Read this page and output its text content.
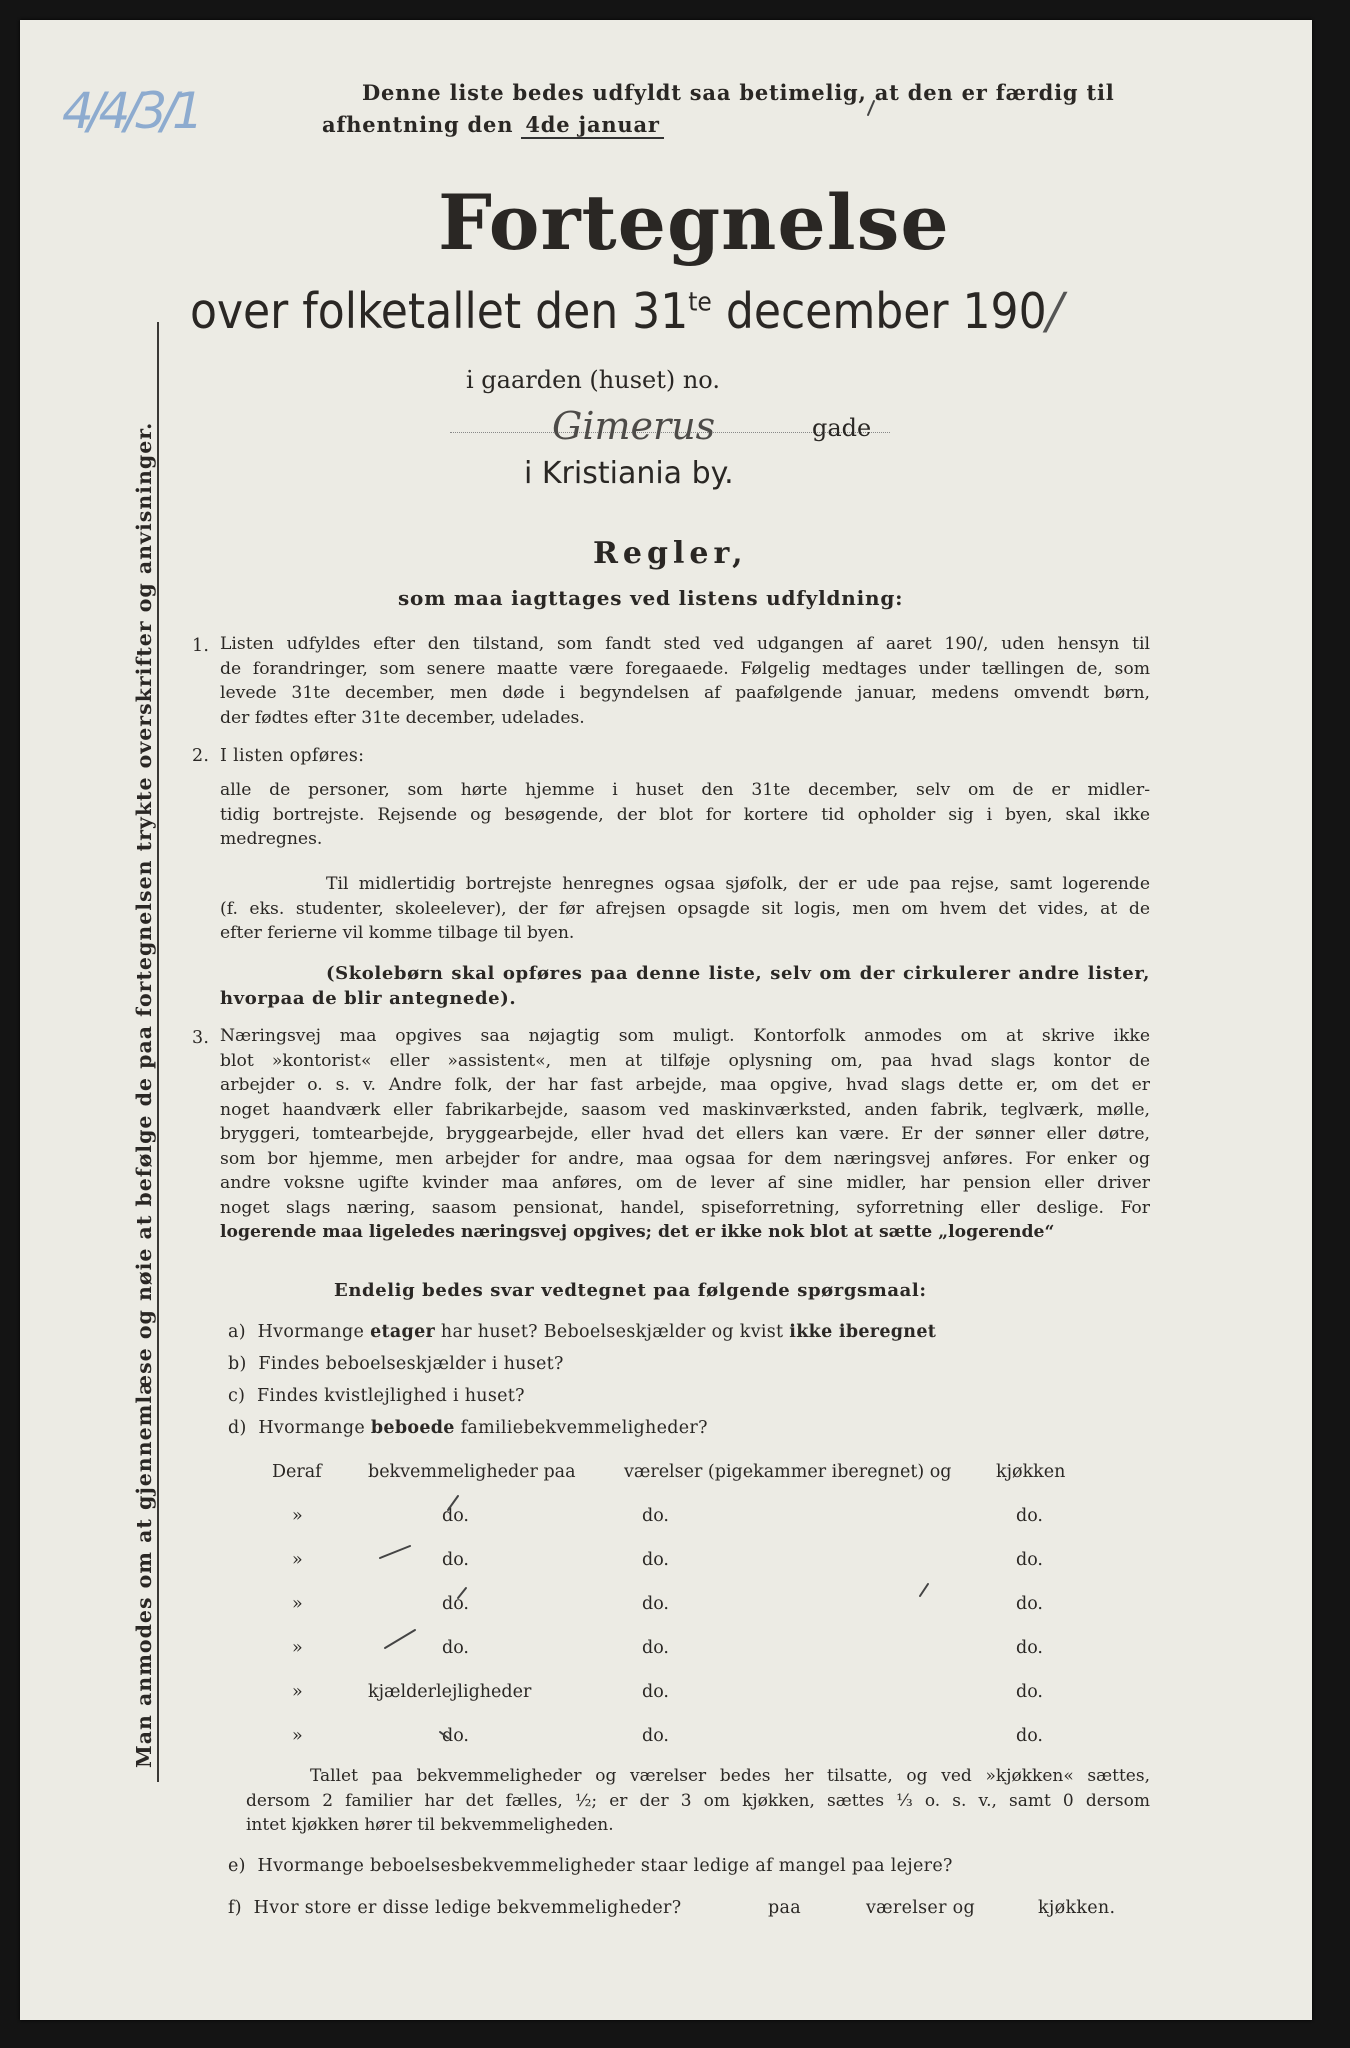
4/4/3/1	Denne liste bedes udfyldt saa betimelig, at den er færdig til
afhentning den 4de januar
Fortegnelse
over folketallet den $31^{te}$ december 190/
i gaarden (huset) no.
Gimerus	gade
i Kristiania by.
Man anmodes om at gjennemlæse og nøie at befølge de paa fortegnelsen trykte overskrifter og anvisninger.	Regler,
som maa iagttages ved listens udfyldning:
1. Listen udfyldes efter den tilstand, som fandt sted ved udgangen af aaret 190/, uden hensyn til
de forandringer, som senere maatte være foregaaede. Følgelig medtages under tællingen de, som
levede 31te december, men døde i begyndelsen af paafølgende januar, medens omvendt børn,
der fødtes efter 31te december, udelades.
2. I listen opføres:
alle de personer, som hørte hjemme i huset den 31te december, selv om de er midler-
tidig bortrejste. Rejsende og besøgende, der blot for kortere tid opholder sig i byen, skal ikke
medregnes.
Til midlertidig bortrejste henregnes ogsaa sjøfolk, der er ude paa rejse, samt logerende
(f. eks. studenter, skoleelever), der før afrejsen opsagde sit logis, men om hvem det vides, at de
efter ferierne vil komme tilbage til byen.
(Skolebørn skal opføres paa denne liste, selv om der cirkulerer andre lister,
hvorpaa de blir antegnede).
3. Næringsvej maa opgives saa nøjagtig som muligt. Kontorfolk anmodes om at skrive ikke
blot »kontorist« eller »assistent«, men at tilføje oplysning om, paa hvad slags kontor de
arbejder o. s. v. Andre folk, der har fast arbejde, maa opgive, hvad slags dette er, om det er
noget haandværk eller fabrikarbejde, saasom ved maskinværksted, anden fabrik, teglværk, mølle,
bryggeri, tomtearbejde, bryggearbejde, eller hvad det ellers kan være. Er der sønner eller døtre,
som bor hjemme, men arbejder for andre, maa ogsaa for dem næringsvej anføres. For enker og
andre voksne ugifte kvinder maa anføres, om de lever af sine midler, har pension eller driver
noget slags næring, saasom pensionat, handel, spiseforretning, syforretning eller deslige. For
logerende maa ligeledes næringsvej opgives; det er ikke nok blot at sætte „logerende“
Endelig bedes svar vedtegnet paa følgende spørgsmaal:
a) Hvormange etager har huset? Beboelseskjælder og kvist ikke iberegnet
b) Findes beboelseskjælder i huset?
c) Findes kvistlejlighed i huset?
d) Hvormange beboede familiebekvemmeligheder?
Deraf	bekvemmeligheder paa	værelser (pigekammer iberegnet) og	kjøkken
»	do.	do.	do.
»	do.	do.	do.
»	do.	do.	do.
»	do.	do.	do.
»	kjælderlejligheder	do.	do.
»	do.	do.	do.
Tallet paa bekvemmeligheder og værelser bedes her tilsatte, og ved »kjøkken« sættes,
dersom 2 familier har det fælles, ½; er der 3 om kjøkken, sættes ⅓ o. s. v., samt 0 dersom
intet kjøkken hører til bekvemmeligheden.
e) Hvormange beboelsesbekvemmeligheder staar ledige af mangel paa lejere?
f) Hvor store er disse ledige bekvemmeligheder?	paa	værelser og	kjøkken.
